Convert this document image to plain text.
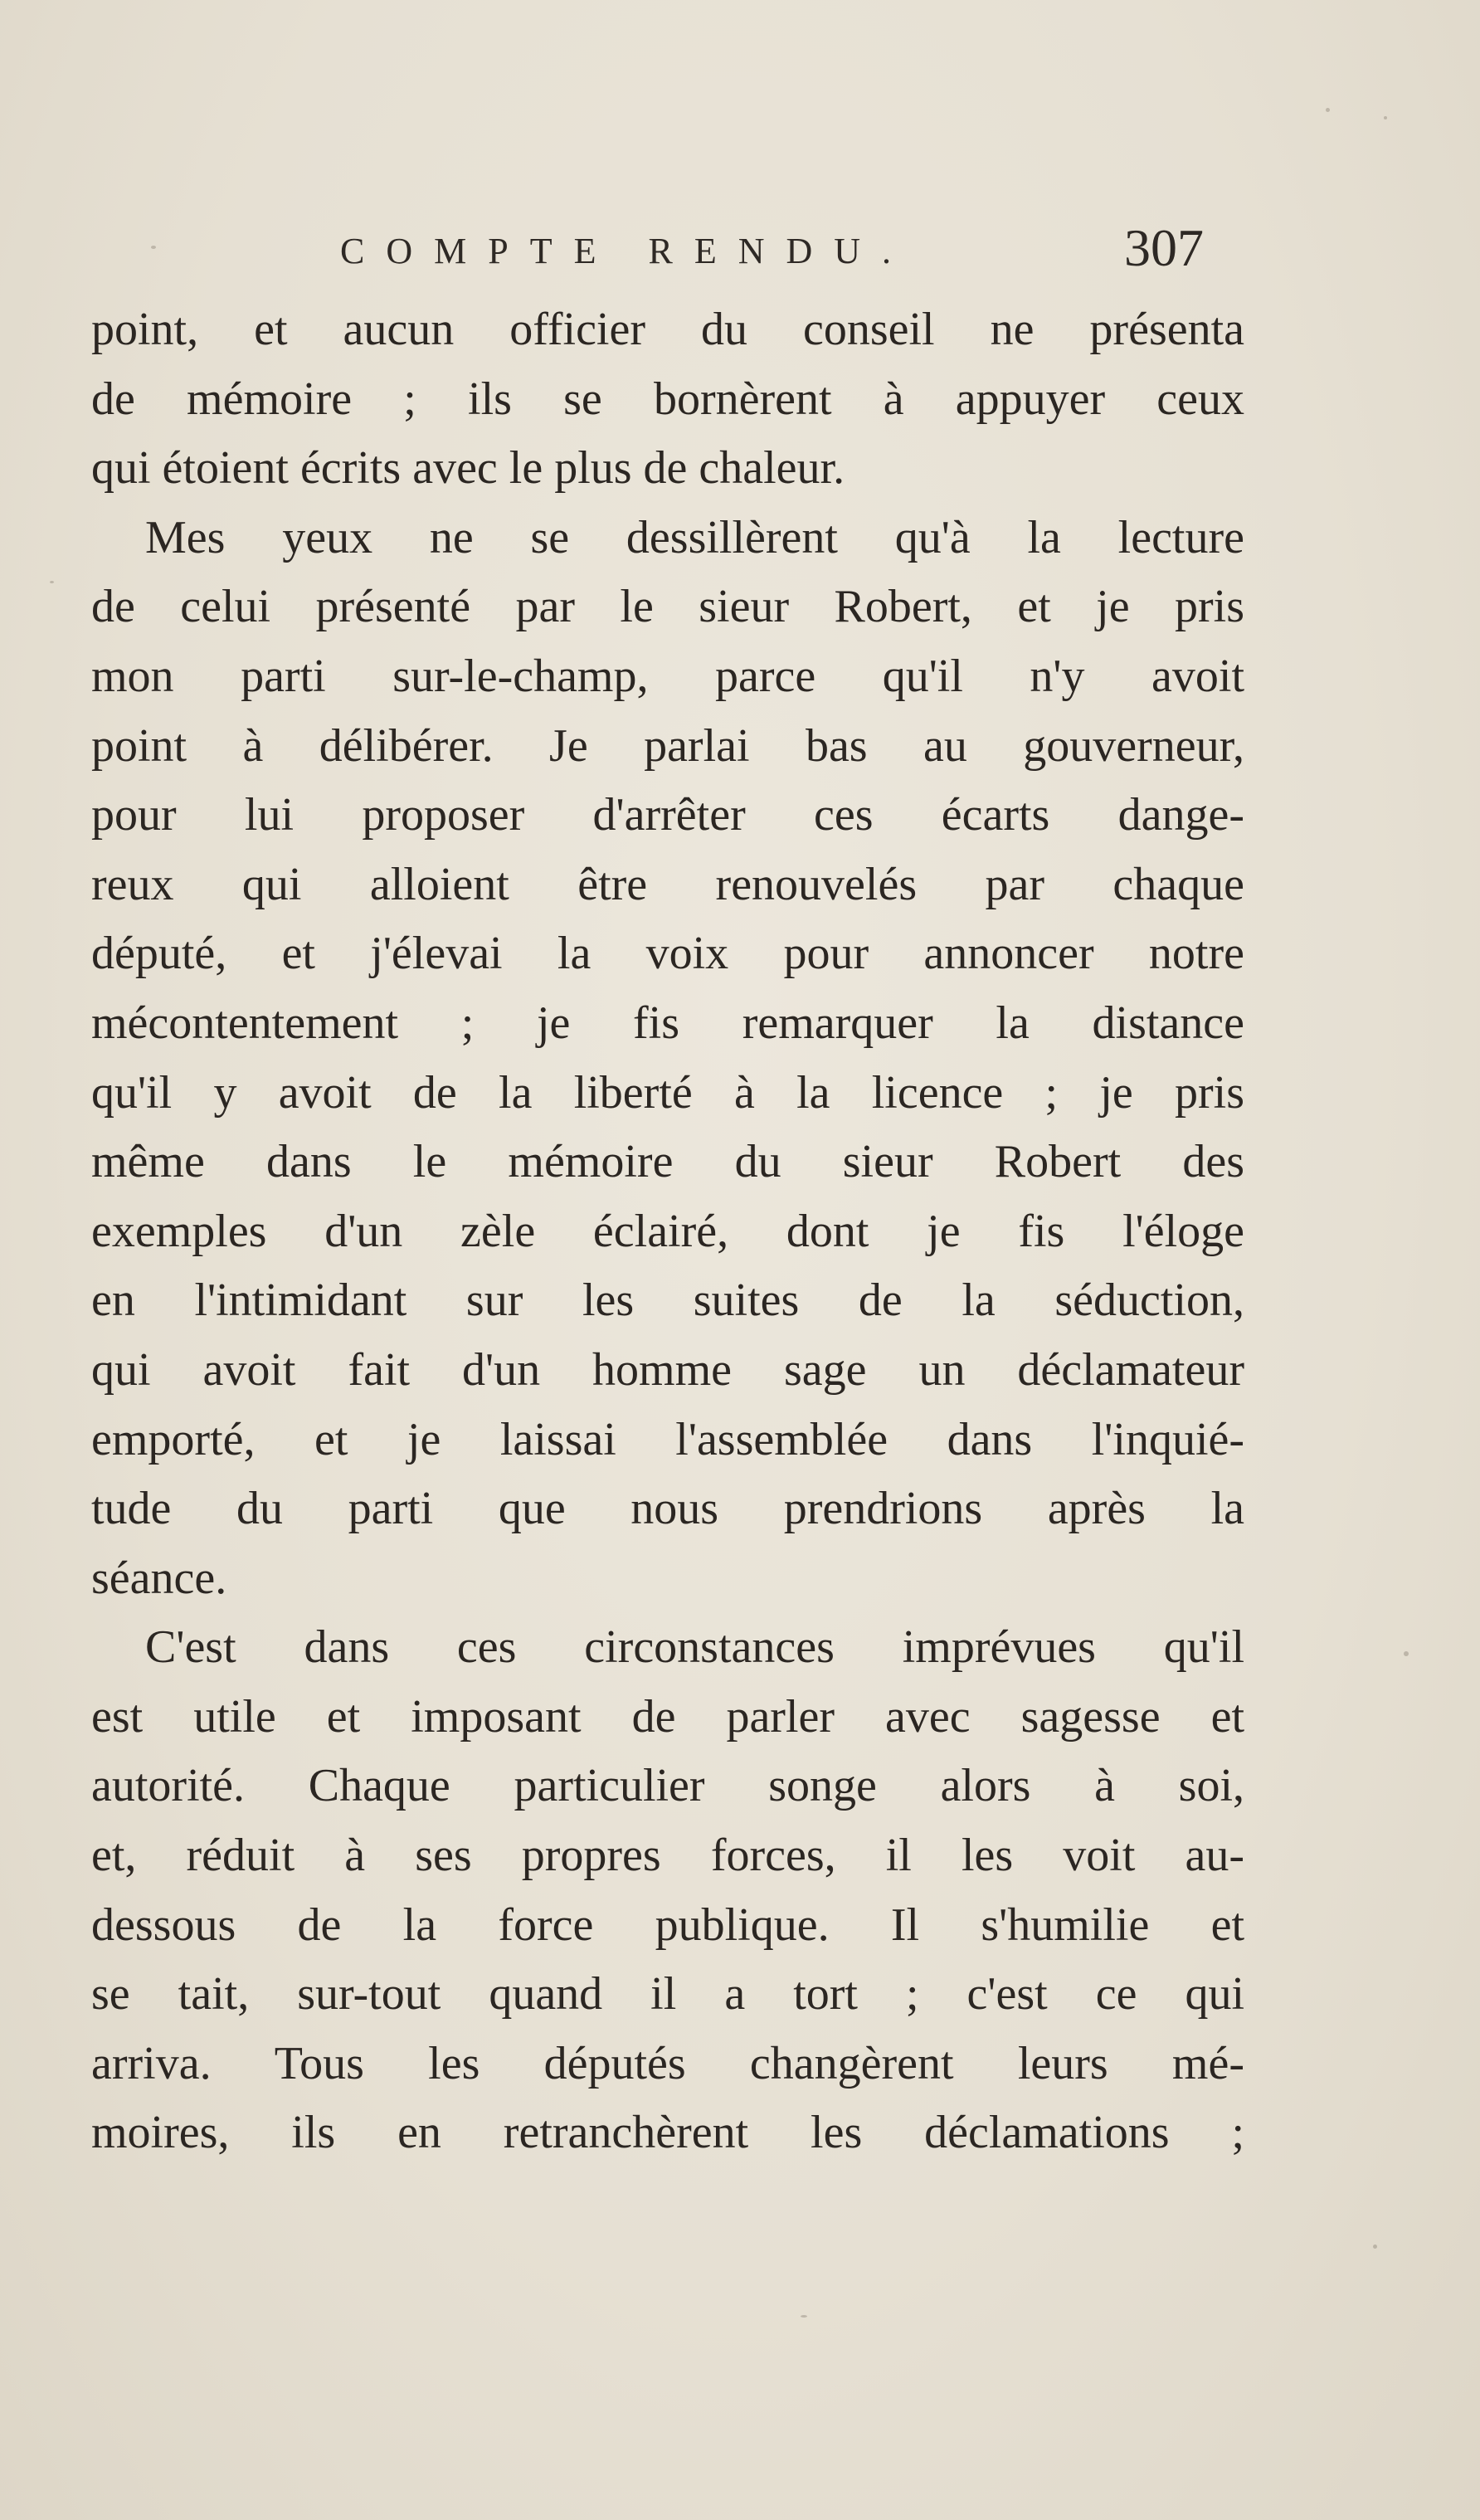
COMPTE RENDU.	307
point, et aucun officier du conseil ne présenta
de mémoire ; ils se bornèrent à appuyer ceux
qui étoient écrits avec le plus de chaleur.
Mes yeux ne se dessillèrent qu'à la lecture
de celui présenté par le sieur Robert, et je pris
mon parti sur-le-champ, parce qu'il n'y avoit
point à délibérer. Je parlai bas au gouverneur,
pour lui proposer d'arrêter ces écarts dange-
reux qui alloient être renouvelés par chaque
député, et j'élevai la voix pour annoncer notre
mécontentement ; je fis remarquer la distance
qu'il y avoit de la liberté à la licence ; je pris
même dans le mémoire du sieur Robert des
exemples d'un zèle éclairé, dont je fis l'éloge
en l'intimidant sur les suites de la séduction,
qui avoit fait d'un homme sage un déclamateur
emporté, et je laissai l'assemblée dans l'inquié-
tude du parti que nous prendrions après la
séance.
C'est dans ces circonstances imprévues qu'il
est utile et imposant de parler avec sagesse et
autorité. Chaque particulier songe alors à soi,
et, réduit à ses propres forces, il les voit au-
dessous de la force publique. Il s'humilie et
se tait, sur-tout quand il a tort ; c'est ce qui
arriva. Tous les députés changèrent leurs mé-
moires, ils en retranchèrent les déclamations ;
